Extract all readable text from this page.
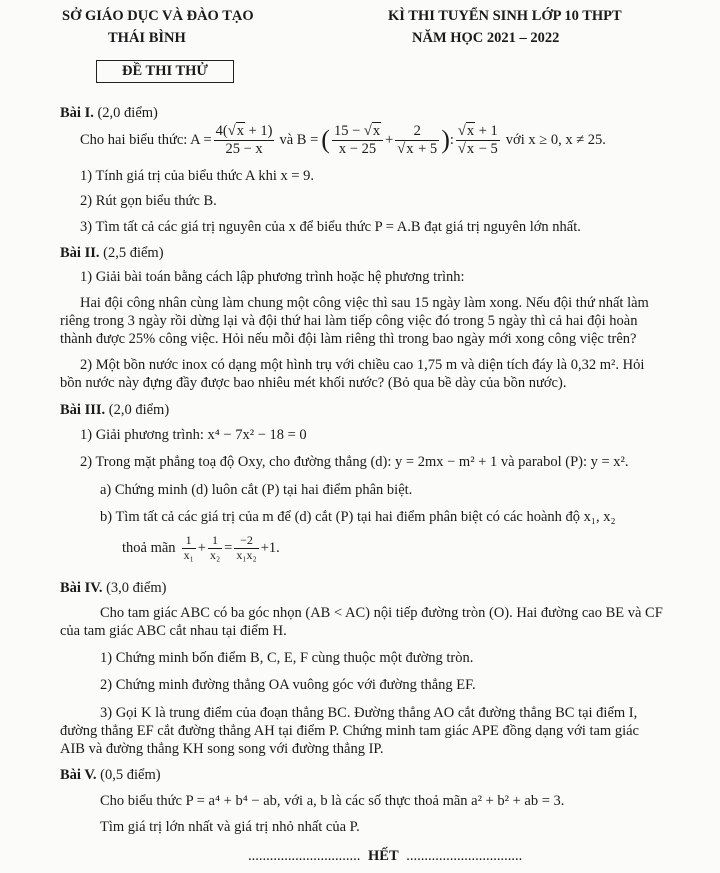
SỞ GIÁO DỤC VÀ ĐÀO TẠO
THÁI BÌNH
KÌ THI TUYỂN SINH LỚP 10 THPT
NĂM HỌC 2021 – 2022
ĐỀ THI THỬ
Bài I. (2,0 điểm)
Cho hai biểu thức: $A = \frac{4(√x + 1)}{25 - x}$ và B = ( $\frac{15 - √x}{x - 25} + \frac{2}{√x + 5}$ ) : $\frac{√x + 1}{√x - 5}$ với x ≥ 0, x ≠ 25.
1) Tính giá trị của biểu thức A khi x = 9.
2) Rút gọn biểu thức B.
3) Tìm tất cả các giá trị nguyên của x để biểu thức P = A.B đạt giá trị nguyên lớn nhất.
Bài II. (2,5 điểm)
1) Giải bài toán bằng cách lập phương trình hoặc hệ phương trình:
Hai đội công nhân cùng làm chung một công việc thì sau 15 ngày làm xong. Nếu đội thứ nhất làm
riêng trong 3 ngày rồi dừng lại và đội thứ hai làm tiếp công việc đó trong 5 ngày thì cả hai đội hoàn
thành được 25% công việc. Hỏi nếu mỗi đội làm riêng thì trong bao ngày mới xong công việc trên?
2) Một bồn nước inox có dạng một hình trụ với chiều cao 1,75 m và diện tích đáy là 0,32 m². Hỏi
bồn nước này đựng đầy được bao nhiêu mét khối nước? (Bỏ qua bề dày của bồn nước).
Bài III. (2,0 điểm)
1) Giải phương trình: x⁴ − 7x² − 18 = 0
2) Trong mặt phẳng toạ độ Oxy, cho đường thẳng (d): y = 2mx − m² + 1 và parabol (P): y = x².
a) Chứng minh (d) luôn cắt (P) tại hai điểm phân biệt.
b) Tìm tất cả các giá trị của m để (d) cắt (P) tại hai điểm phân biệt có các hoành độ x₁, x₂
thoả mãn $\frac{1}{\text{x₁}} + \frac{1}{\text{x₂}} = \frac{-2}{\text{x₁x₂}} +1$.
Bài IV. (3,0 điểm)
Cho tam giác ABC có ba góc nhọn (AB < AC) nội tiếp đường tròn (O). Hai đường cao BE và CF
của tam giác ABC cắt nhau tại điểm H.
1) Chứng minh bốn điểm B, C, E, F cùng thuộc một đường tròn.
2) Chứng minh đường thẳng OA vuông góc với đường thẳng EF.
3) Gọi K là trung điểm của đoạn thẳng BC. Đường thẳng AO cắt đường thẳng BC tại điểm I,
đường thẳng EF cắt đường thẳng AH tại điểm P. Chứng minh tam giác APE đồng dạng với tam giác
AIB và đường thẳng KH song song với đường thẳng IP.
Bài V. (0,5 điểm)
Cho biểu thức P = a⁴ + b⁴ − ab, với a, b là các số thực thoả mãn a² + b² + ab = 3.
Tìm giá trị lớn nhất và giá trị nhỏ nhất của P.
............................... HẾT ................................
